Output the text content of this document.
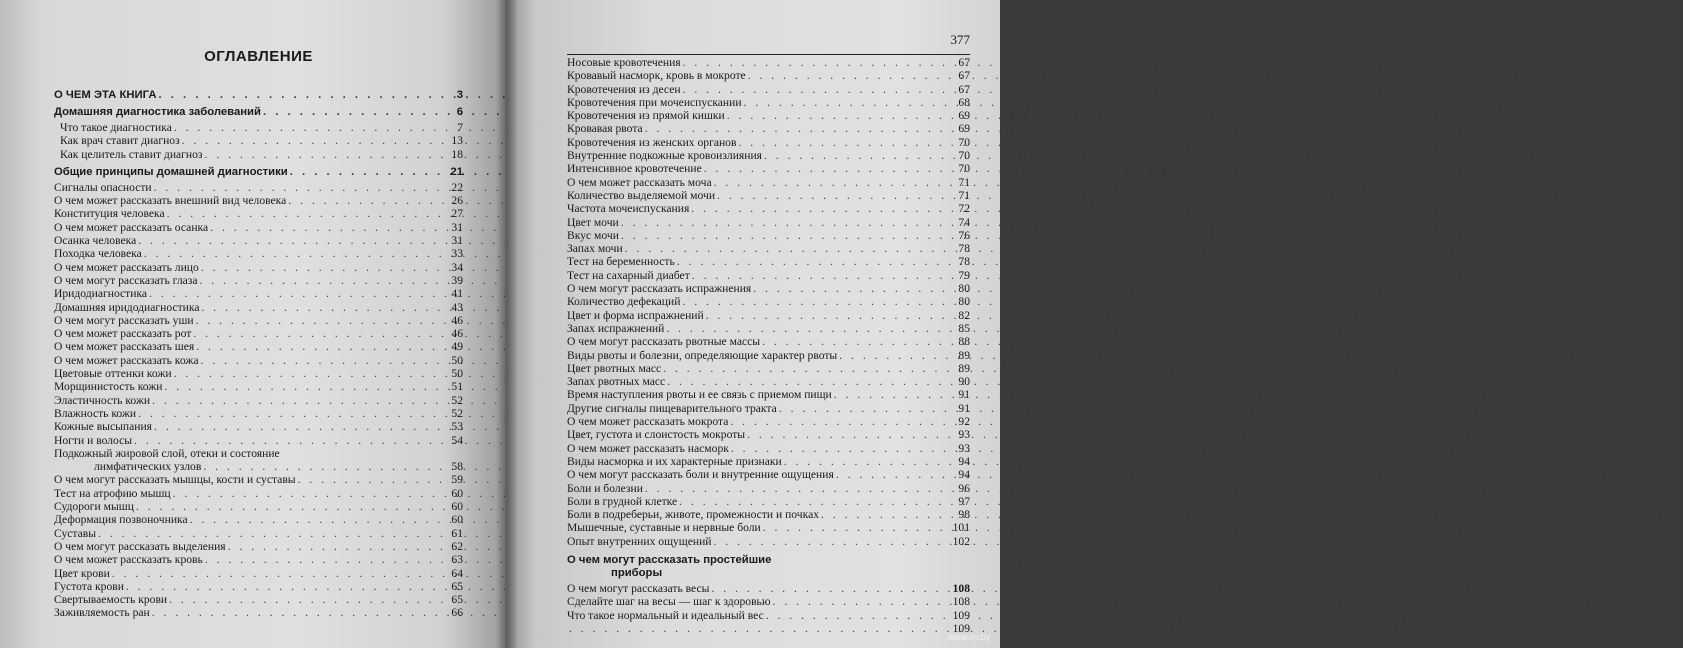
ОГЛАВЛЕНИЕ
О ЧЕМ ЭТА КНИГА . . .	3
Домашняя диагностика заболеваний . . .	6
Что такое диагностика . . .	7
Как врач ставит диагноз . . .	13
Как целитель ставит диагноз . . .	18
Общие принципы домашней диагностики . . .	21
Сигналы опасности . . .	22
О чем может рассказать внешний вид человека . . .	26
Конституция человека . . .	27
О чем может рассказать осанка . . .	31
Осанка человека . . .	31
Походка человека . . .	33
О чем может рассказать лицо . . .	34
О чем могут рассказать глаза . . .	39
Иридодиагностика . . .	41
Домашняя иридодиагностика . . .	43
О чем могут рассказать уши . . .	46
О чем может рассказать рот . . .	46
О чем может рассказать шея . . .	49
О чем может рассказать кожа . . .	50
Цветовые оттенки кожи . . .	50
Морщинистость кожи . . .	51
Эластичность кожи . . .	52
Влажность кожи . . .	52
Кожные высыпания . . .	53
Ногти и волосы . . .	54
Подкожный жировой слой, отеки и состояние
лимфатических узлов . . .	58
О чем могут рассказать мышцы, кости и суставы . . .	59
Тест на атрофию мышц . . .	60
Судороги мышц . . .	60
Деформация позвоночника . . .	60
Суставы . . .	61
О чем могут рассказать выделения . . .	62
О чем может рассказать кровь . . .	63
Цвет крови . . .	64
Густота крови . . .	65
Свертываемость крови . . .	65
Заживляемость ран . . .	66
377
Носовые кровотечения . . .	67
Кровавый насморк, кровь в мокроте . . .	67
Кровотечения из десен . . .	67
Кровотечения при мочеиспускании . . .	68
Кровотечения из прямой кишки . . .	69
Кровавая рвота . . .	69
Кровотечения из женских органов . . .	70
Внутренние подкожные кровоизлияния . . .	70
Интенсивное кровотечение . . .	70
О чем может рассказать моча . . .	71
Количество выделяемой мочи . . .	71
Частота мочеиспускания . . .	72
Цвет мочи . . .	74
Вкус мочи . . .	76
Запах мочи . . .	78
Тест на беременность . . .	78
Тест на сахарный диабет . . .	79
О чем могут рассказать испражнения . . .	80
Количество дефекаций . . .	80
Цвет и форма испражнений . . .	82
Запах испражнений . . .	85
О чем могут рассказать рвотные массы . . .	88
Виды рвоты и болезни, определяющие характер рвоты . . .	89
Цвет рвотных масс . . .	89
Запах рвотных масс . . .	90
Время наступления рвоты и ее связь с приемом пищи . . .	91
Другие сигналы пищеварительного тракта . . .	91
О чем может рассказать мокрота . . .	92
Цвет, густота и слоистость мокроты . . .	93
О чем может рассказать насморк . . .	93
Виды насморка и их характерные признаки . . .	94
О чем могут рассказать боли и внутренние ощущения . . .	94
Боли и болезни . . .	96
Боли в грудной клетке . . .	97
Боли в подреберьи, животе, промежности и почках . . .	98
Мышечные, суставные и нервные боли . . .	101
Опыт внутренних ощущений . . .	102
О чем могут рассказать простейшие
приборы
О чем могут рассказать весы . . .	108
Сделайте шаг на весы — шаг к здоровью . . .	108
Что такое нормальный и идеальный вес . . .	109
. . .
109
www.ay.by
